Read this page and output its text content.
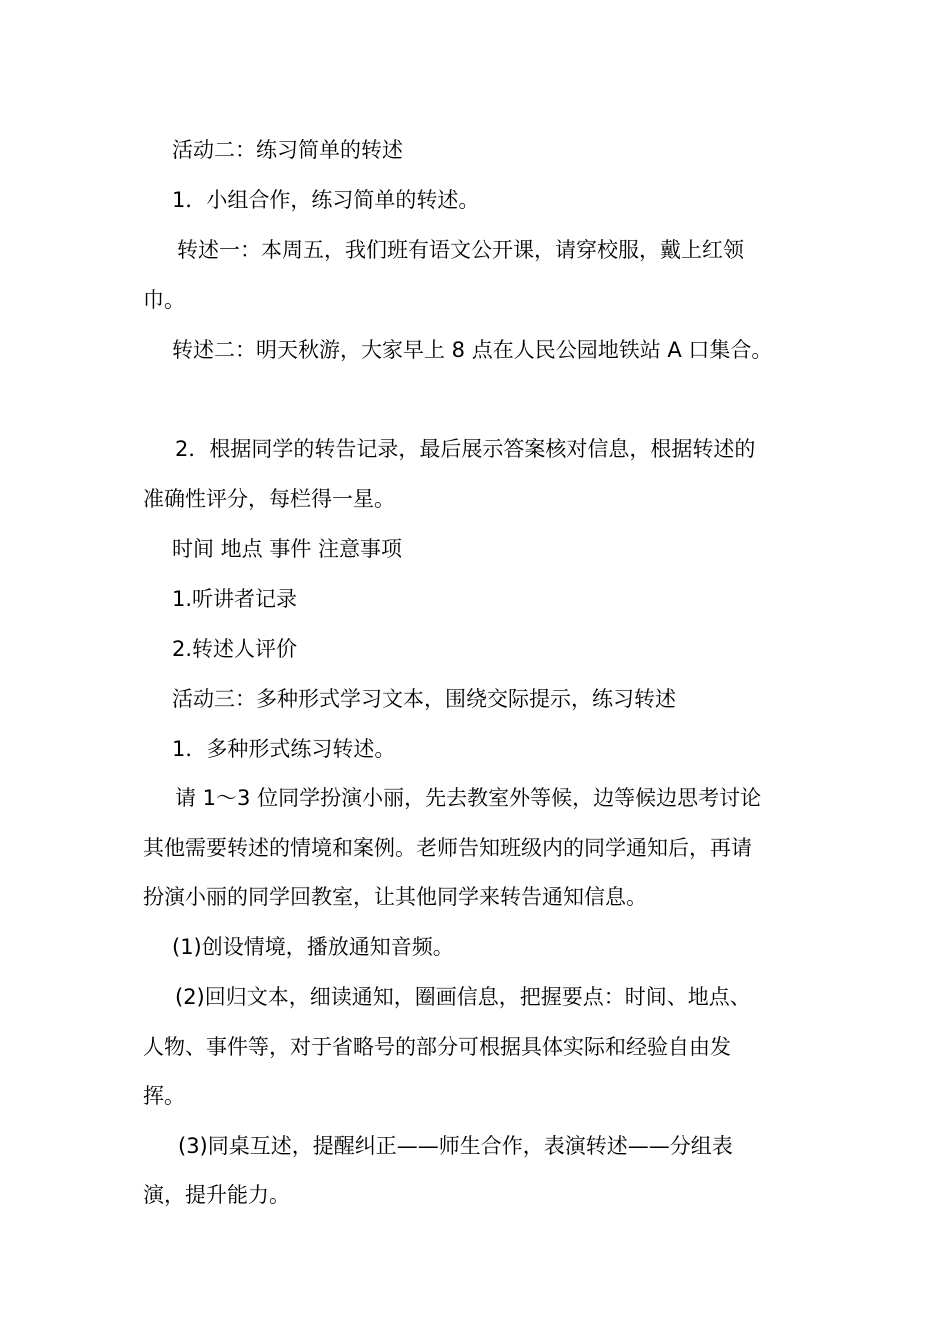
活动二：练习简单的转述
1．小组合作，练习简单的转述。
转述一：本周五，我们班有语文公开课，请穿校服，戴上红领
巾。
转述二：明天秋游，大家早上 8 点在人民公园地铁站 A 口集合。
2．根据同学的转告记录，最后展示答案核对信息，根据转述的
准确性评分，每栏得一星。
时间 地点 事件 注意事项
1.听讲者记录
2.转述人评价
活动三：多种形式学习文本，围绕交际提示，练习转述
1．多种形式练习转述。
请 1～3 位同学扮演小丽，先去教室外等候，边等候边思考讨论
其他需要转述的情境和案例。老师告知班级内的同学通知后，再请
扮演小丽的同学回教室，让其他同学来转告通知信息。
(1)创设情境，播放通知音频。
(2)回归文本，细读通知，圈画信息，把握要点：时间、地点、
人物、事件等，对于省略号的部分可根据具体实际和经验自由发
挥。
(3)同桌互述，提醒纠正——师生合作，表演转述——分组表
演，提升能力。
